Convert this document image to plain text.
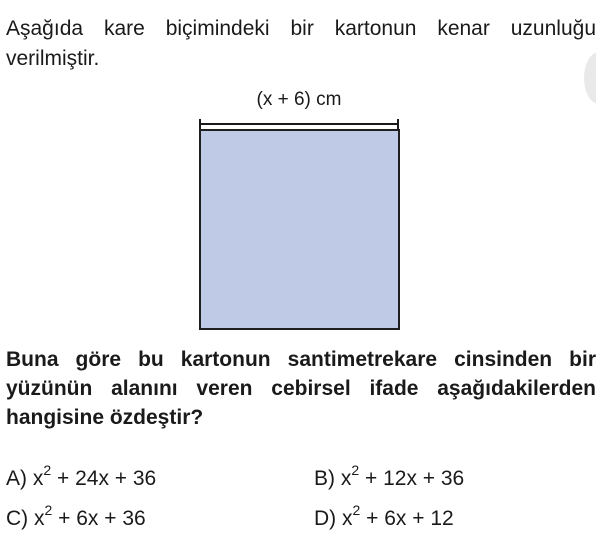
Aşağıda kare biçimindeki bir kartonun kenar uzunluğu verilmiştir.
(x + 6) cm
Buna göre bu kartonun santimetrekare cinsinden bir yüzünün alanını veren cebirsel ifade aşağıdakilerden hangisine özdeştir?
A) $x^2 + 24x + 36$	B) $x^2 + 12x + 36$
C) $x^2 + 6x + 36$	D) $x^2 + 6x + 12$
